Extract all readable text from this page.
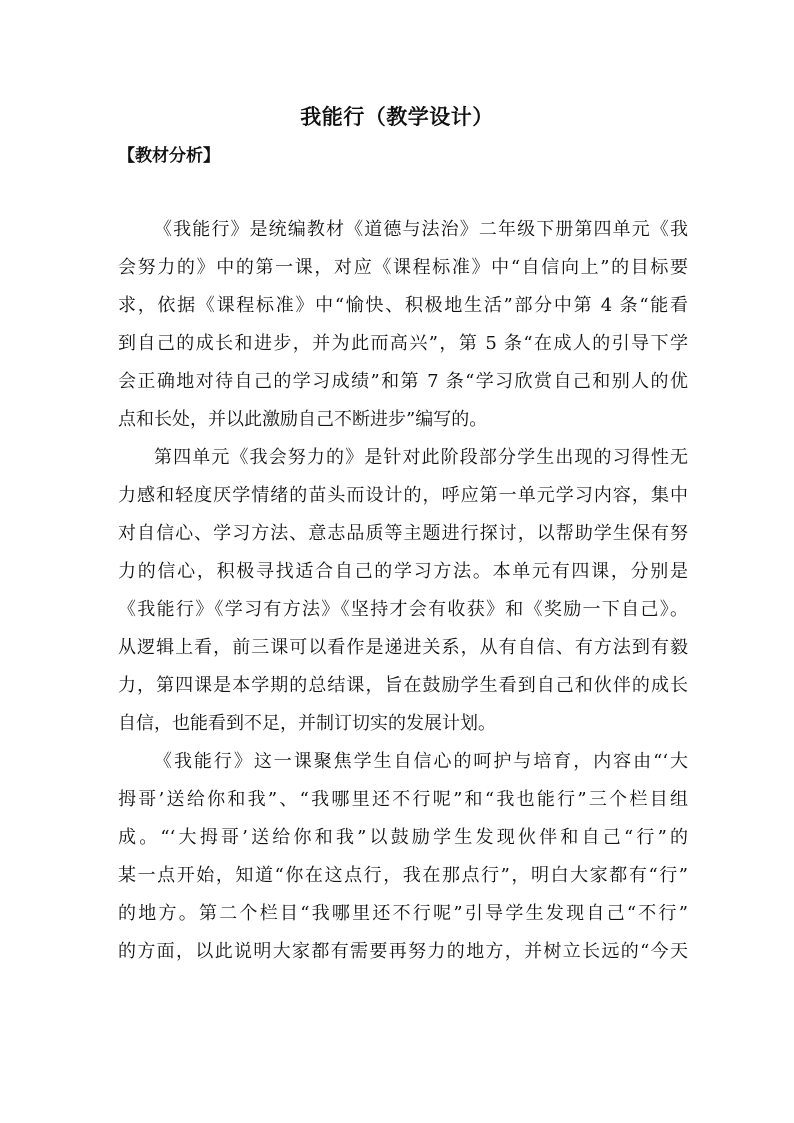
我能行（教学设计）
【教材分析】
《我能行》是统编教材《道德与法治》二年级下册第四单元《我
会努力的》中的第一课，对应《课程标准》中“自信向上”的目标要
求，依据《课程标准》中“愉快、积极地生活”部分中第 4 条“能看
到自己的成长和进步，并为此而高兴”，第 5 条“在成人的引导下学
会正确地对待自己的学习成绩”和第 7 条“学习欣赏自己和别人的优
点和长处，并以此激励自己不断进步”编写的。
第四单元《我会努力的》是针对此阶段部分学生出现的习得性无
力感和轻度厌学情绪的苗头而设计的，呼应第一单元学习内容，集中
对自信心、学习方法、意志品质等主题进行探讨，以帮助学生保有努
力的信心，积极寻找适合自己的学习方法。本单元有四课，分别是
《我能行》《学习有方法》《坚持才会有收获》和《奖励一下自己》。
从逻辑上看，前三课可以看作是递进关系，从有自信、有方法到有毅
力，第四课是本学期的总结课，旨在鼓励学生看到自己和伙伴的成长
自信，也能看到不足，并制订切实的发展计划。
《我能行》这一课聚焦学生自信心的呵护与培育，内容由“‘大
拇哥’送给你和我”、“我哪里还不行呢”和“我也能行”三个栏目组
成。“‘大拇哥’送给你和我”以鼓励学生发现伙伴和自己“行”的
某一点开始，知道“你在这点行，我在那点行”，明白大家都有“行”
的地方。第二个栏目“我哪里还不行呢”引导学生发现自己“不行”
的方面，以此说明大家都有需要再努力的地方，并树立长远的“今天
